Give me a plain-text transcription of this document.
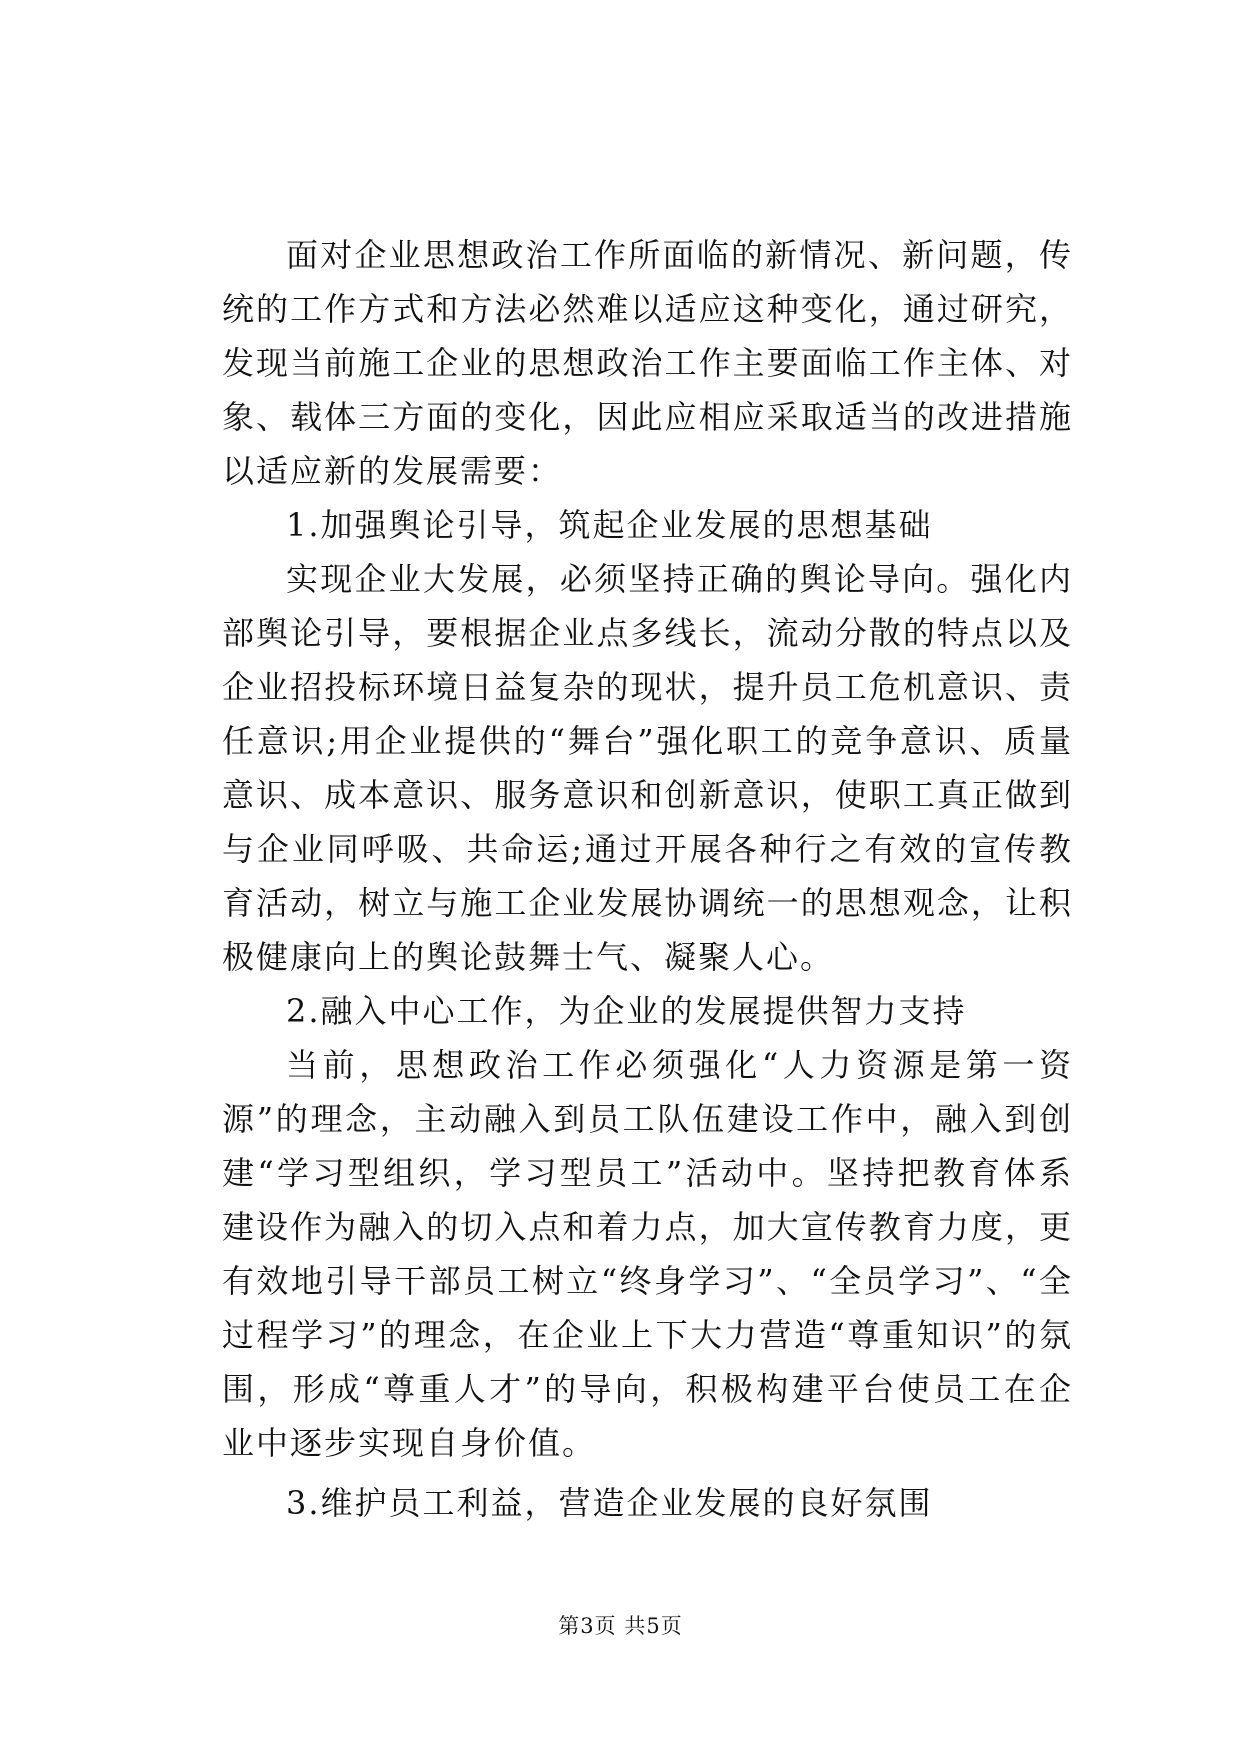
面对企业思想政治工作所面临的新情况、新问题，传统的工作方式和方法必然难以适应这种变化，通过研究，发现当前施工企业的思想政治工作主要面临工作主体、对象、载体三方面的变化，因此应相应采取适当的改进措施以适应新的发展需要：

1.加强舆论引导，筑起企业发展的思想基础

实现企业大发展，必须坚持正确的舆论导向。强化内部舆论引导，要根据企业点多线长，流动分散的特点以及企业招投标环境日益复杂的现状，提升员工危机意识、责任意识;用企业提供的“舞台”强化职工的竞争意识、质量意识、成本意识、服务意识和创新意识，使职工真正做到与企业同呼吸、共命运;通过开展各种行之有效的宣传教育活动，树立与施工企业发展协调统一的思想观念，让积极健康向上的舆论鼓舞士气、凝聚人心。

2.融入中心工作，为企业的发展提供智力支持

当前，思想政治工作必须强化“人力资源是第一资源”的理念，主动融入到员工队伍建设工作中，融入到创建“学习型组织，学习型员工”活动中。坚持把教育体系建设作为融入的切入点和着力点，加大宣传教育力度，更有效地引导干部员工树立“终身学习”、“全员学习”、“全过程学习”的理念，在企业上下大力营造“尊重知识”的氛围，形成“尊重人才”的导向，积极构建平台使员工在企业中逐步实现自身价值。

3.维护员工利益，营造企业发展的良好氛围

第3页 共5页
